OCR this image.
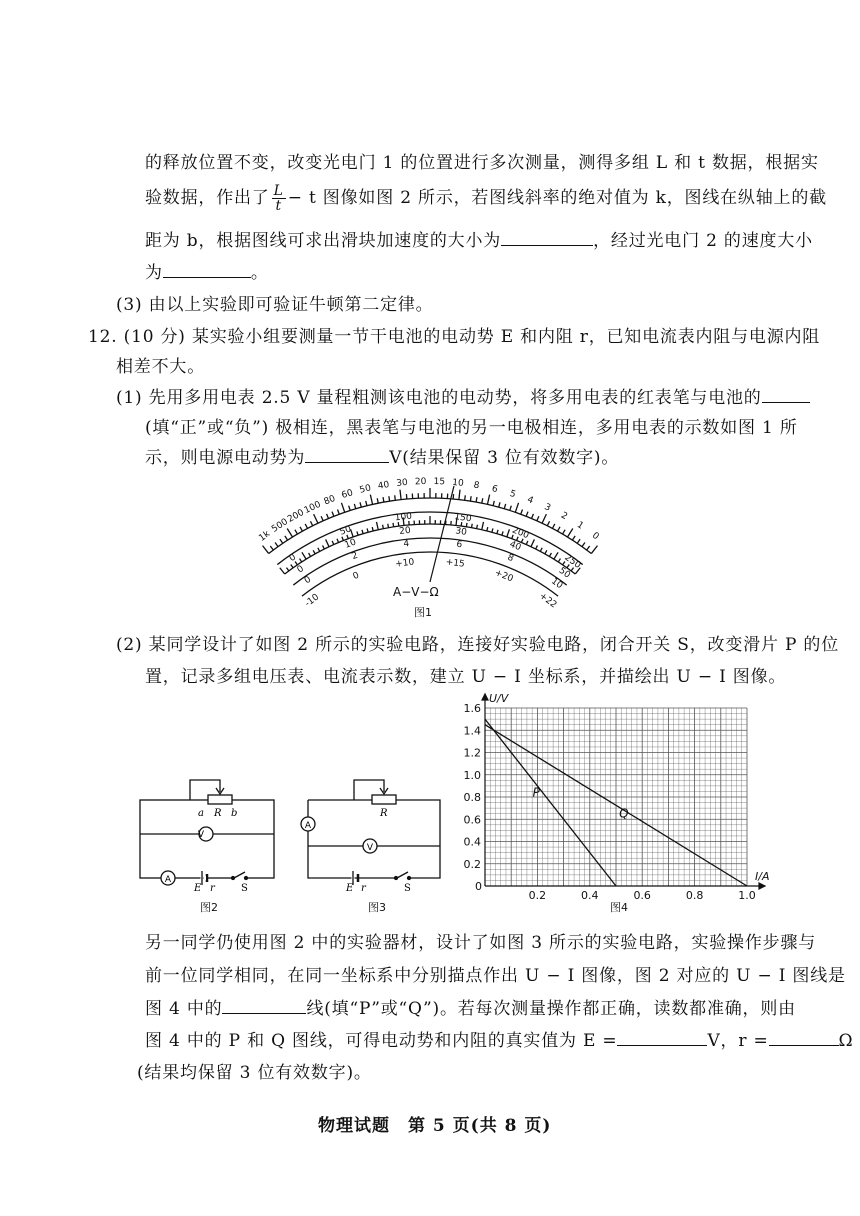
的释放位置不变，改变光电门 1 的位置进行多次测量，测得多组 L 和 t 数据，根据实
验数据，作出了 $\frac{L}{t} - t$ 图像如图 2 所示，若图线斜率的绝对值为 k，图线在纵轴上的截
距为 b，根据图线可求出滑块加速度的大小为	，经过光电门 2 的速度大小
为	。
(3) 由以上实验即可验证牛顿第二定律。
12. (10 分) 某实验小组要测量一节干电池的电动势 E 和内阻 r，已知电流表内阻与电源内阻
相差不大。
(1) 先用多用电表 2.5 V 量程粗测该电池的电动势，将多用电表的红表笔与电池的
(填“正”或“负”) 极相连，黑表笔与电池的另一电极相连，多用电表的示数如图 1 所
示，则电源电动势为	V(结果保留 3 位有效数字)。
1k
500
200
100 80 60 50 40 30 20 15 10 8 6 5
4
3
2
1
0
0
50
100	150
200
250
0
10
20	30
40
50
0
2
4	6
8
10
-10
0
+10	+15
+20
+22
A−V−Ω
图1
(2) 某同学设计了如图 2 所示的实验电路，连接好实验电路，闭合开关 S，改变滑片 P 的位
置，记录多组电压表、电流表示数，建立 U − I 坐标系，并描绘出 U − I 图像。
V
A
a R b
E r	S
图2
A
V
R
E r	S
图3
P
Q
0.2
0.4
0.6
0.8
1.0
1.2
1.4
1.6
0.2	0.4	0.6	0.8	1.0
0
U/V
I/A
图4
另一同学仍使用图 2 中的实验器材，设计了如图 3 所示的实验电路，实验操作步骤与
前一位同学相同，在同一坐标系中分别描点作出 U − I 图像，图 2 对应的 U − I 图线是
图 4 中的	线(填“P”或“Q”)。若每次测量操作都正确，读数都准确，则由
图 4 中的 P 和 Q 图线，可得电动势和内阻的真实值为 E =	V，r =	Ω
(结果均保留 3 位有效数字)。
物理试题　第 5 页(共 8 页)
